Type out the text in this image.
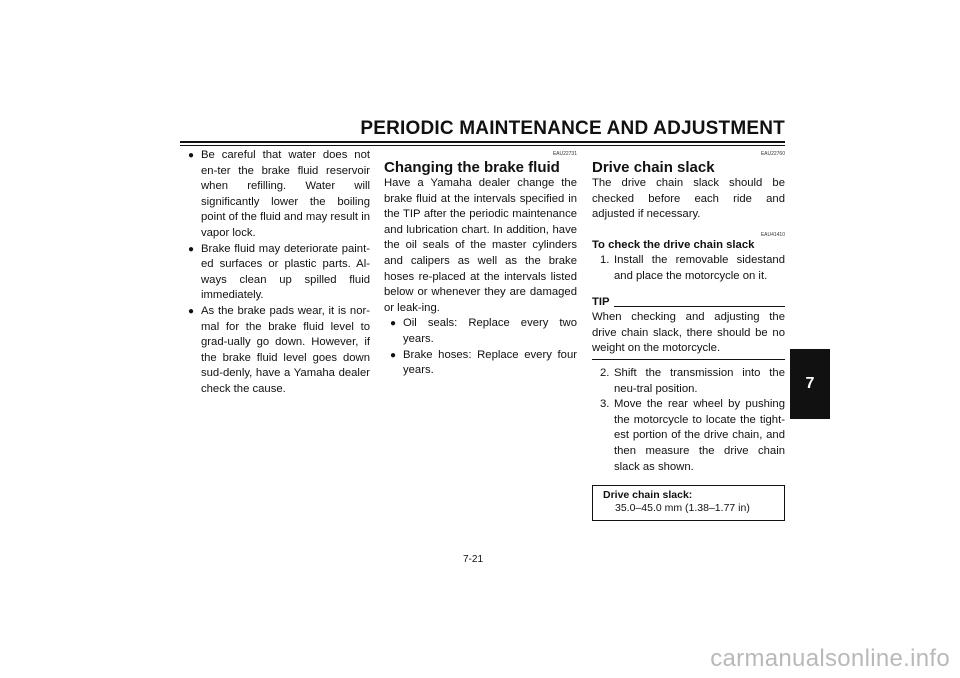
PERIODIC MAINTENANCE AND ADJUSTMENT
● Be careful that water does not en-ter the brake fluid reservoir when refilling. Water will significantly lower the boiling point of the fluid and may result in vapor lock.
● Brake fluid may deteriorate paint-ed surfaces or plastic parts. Al-ways clean up spilled fluid immediately.
● As the brake pads wear, it is nor-mal for the brake fluid level to grad-ually go down. However, if the brake fluid level goes down sud-denly, have a Yamaha dealer check the cause.
EAU22731
Changing the brake fluid
Have a Yamaha dealer change the brake fluid at the intervals specified in the TIP after the periodic maintenance and lubrication chart. In addition, have the oil seals of the master cylinders and calipers as well as the brake hoses re-placed at the intervals listed below or whenever they are damaged or leak-ing.
● Oil seals: Replace every two years.
● Brake hoses: Replace every four years.
EAU22760
Drive chain slack
The drive chain slack should be checked before each ride and adjusted if necessary.
EAU41410
To check the drive chain slack
1. Install the removable sidestand and place the motorcycle on it.
TIP
When checking and adjusting the drive chain slack, there should be no weight on the motorcycle.
2. Shift the transmission into the neu-tral position.
3. Move the rear wheel by pushing the motorcycle to locate the tight-est portion of the drive chain, and then measure the drive chain slack as shown.
Drive chain slack:
35.0–45.0 mm (1.38–1.77 in)
7
7-21
carmanualsonline.info
